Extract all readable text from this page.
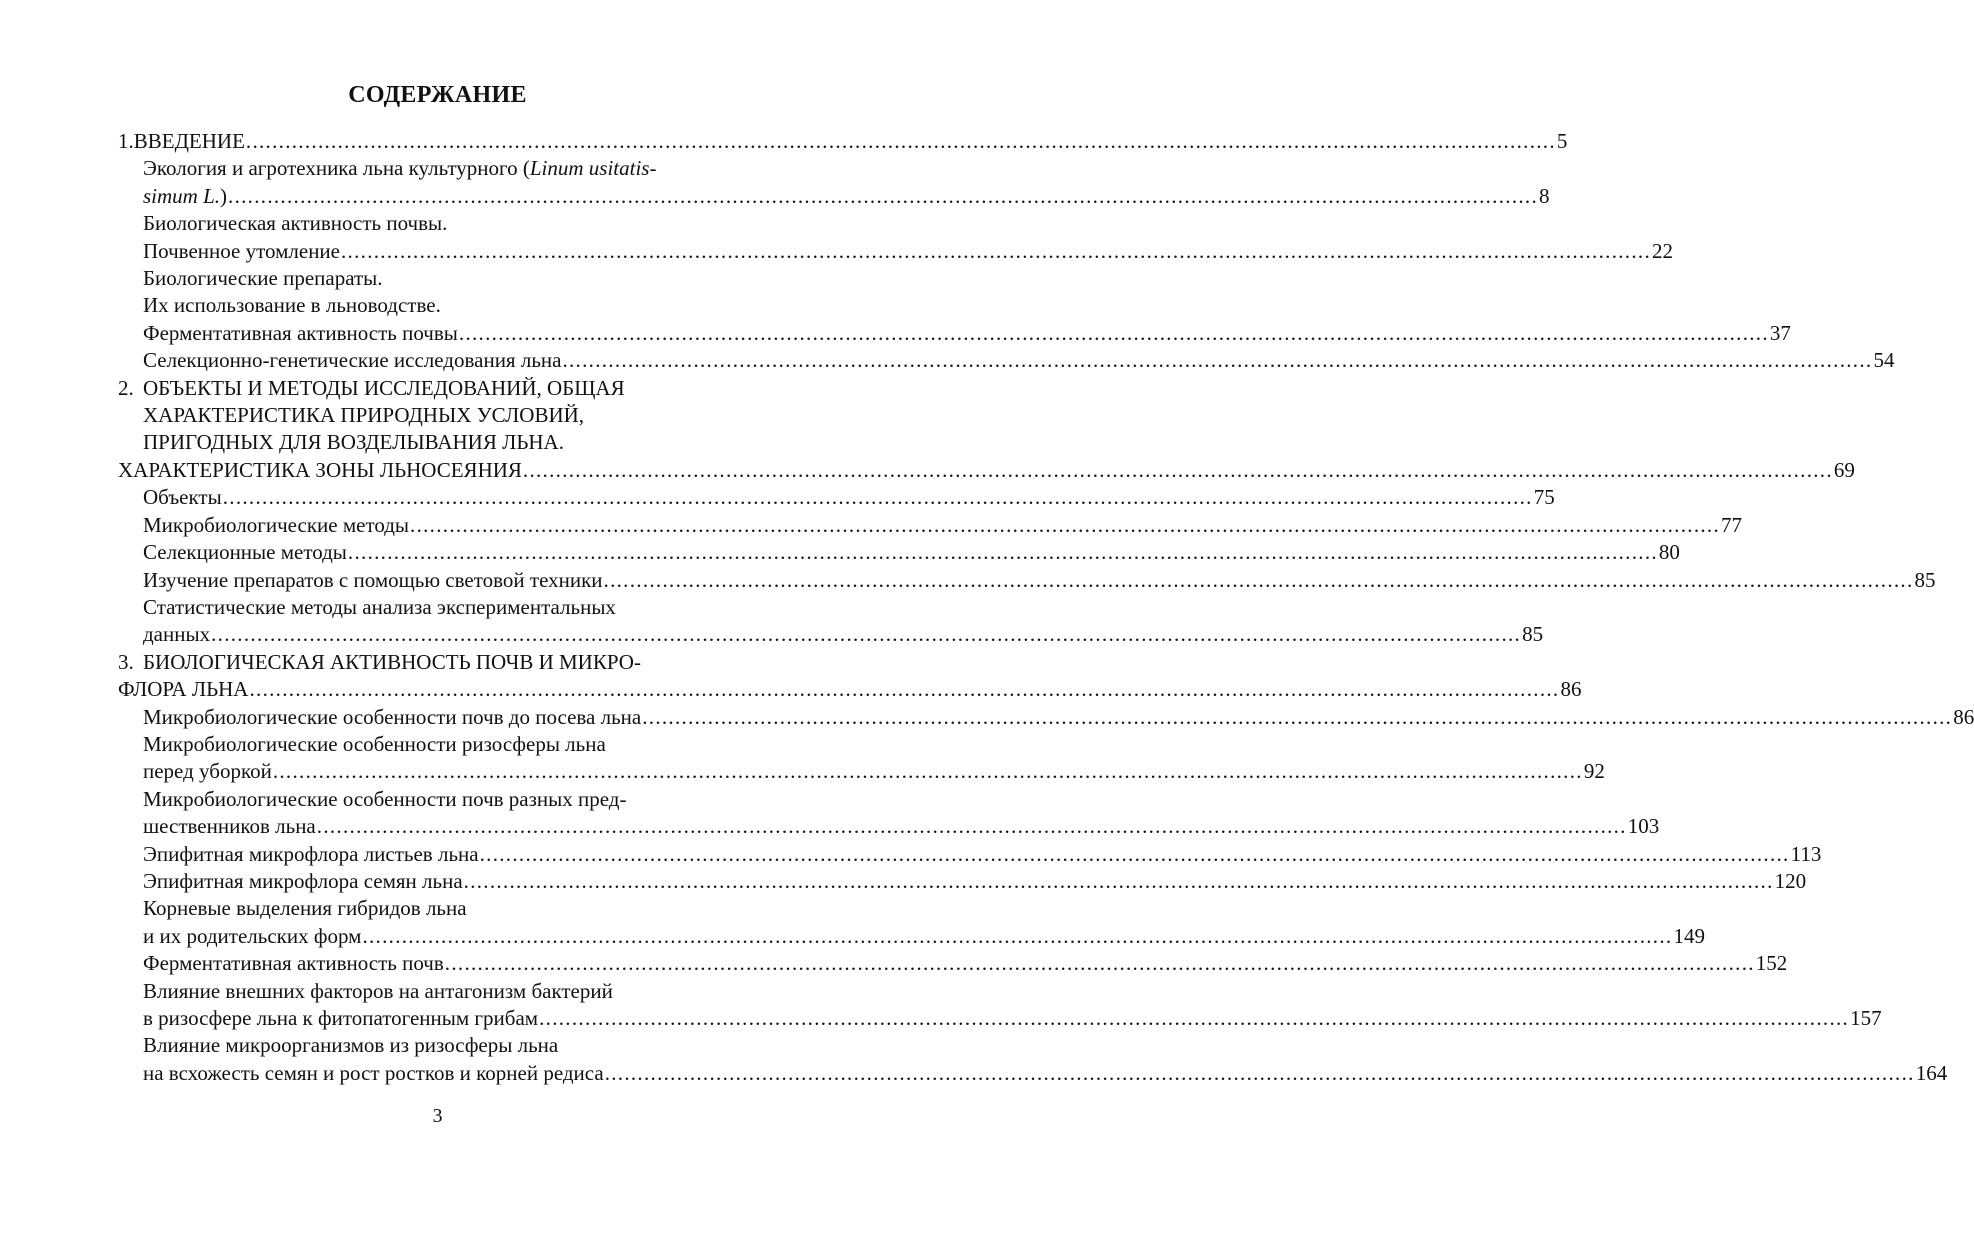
СОДЕРЖАНИЕ
1. ВВЕДЕНИЕ ........................................................................................................................................................................................................ 5
Экология и агротехника льна культурного (Linum usitatis-
simum L.) ........................................................................................................................................................................................................ 8
Биологическая активность почвы.
Почвенное утомление ........................................................................................................................................................................................................ 22
Биологические препараты.
Их использование в льноводстве.
Ферментативная активность почвы ........................................................................................................................................................................................................ 37
Селекционно-генетические исследования льна ........................................................................................................................................................................................................ 54
2. ОБЪЕКТЫ И МЕТОДЫ ИССЛЕДОВАНИЙ, ОБЩАЯ
ХАРАКТЕРИСТИКА ПРИРОДНЫХ УСЛОВИЙ,
ПРИГОДНЫХ ДЛЯ ВОЗДЕЛЫВАНИЯ ЛЬНА.
ХАРАКТЕРИСТИКА ЗОНЫ ЛЬНОСЕЯНИЯ ........................................................................................................................................................................................................ 69
Объекты ........................................................................................................................................................................................................ 75
Микробиологические методы ........................................................................................................................................................................................................ 77
Селекционные методы ........................................................................................................................................................................................................ 80
Изучение препаратов с помощью световой техники ........................................................................................................................................................................................................ 85
Статистические методы анализа экспериментальных
данных ........................................................................................................................................................................................................ 85
3. БИОЛОГИЧЕСКАЯ АКТИВНОСТЬ ПОЧВ И МИКРО-
ФЛОРА ЛЬНА ........................................................................................................................................................................................................ 86
Микробиологические особенности почв до посева льна ........................................................................................................................................................................................................ 86
Микробиологические особенности ризосферы льна
перед уборкой ........................................................................................................................................................................................................ 92
Микробиологические особенности почв разных пред-
шественников льна ........................................................................................................................................................................................................ 103
Эпифитная микрофлора листьев льна ........................................................................................................................................................................................................ 113
Эпифитная микрофлора семян льна ........................................................................................................................................................................................................ 120
Корневые выделения гибридов льна
и их родительских форм ........................................................................................................................................................................................................ 149
Ферментативная активность почв ........................................................................................................................................................................................................ 152
Влияние внешних факторов на антагонизм бактерий
в ризосфере льна к фитопатогенным грибам ........................................................................................................................................................................................................ 157
Влияние микроорганизмов из ризосферы льна
на всхожесть семян и рост ростков и корней редиса ........................................................................................................................................................................................................ 164
3
